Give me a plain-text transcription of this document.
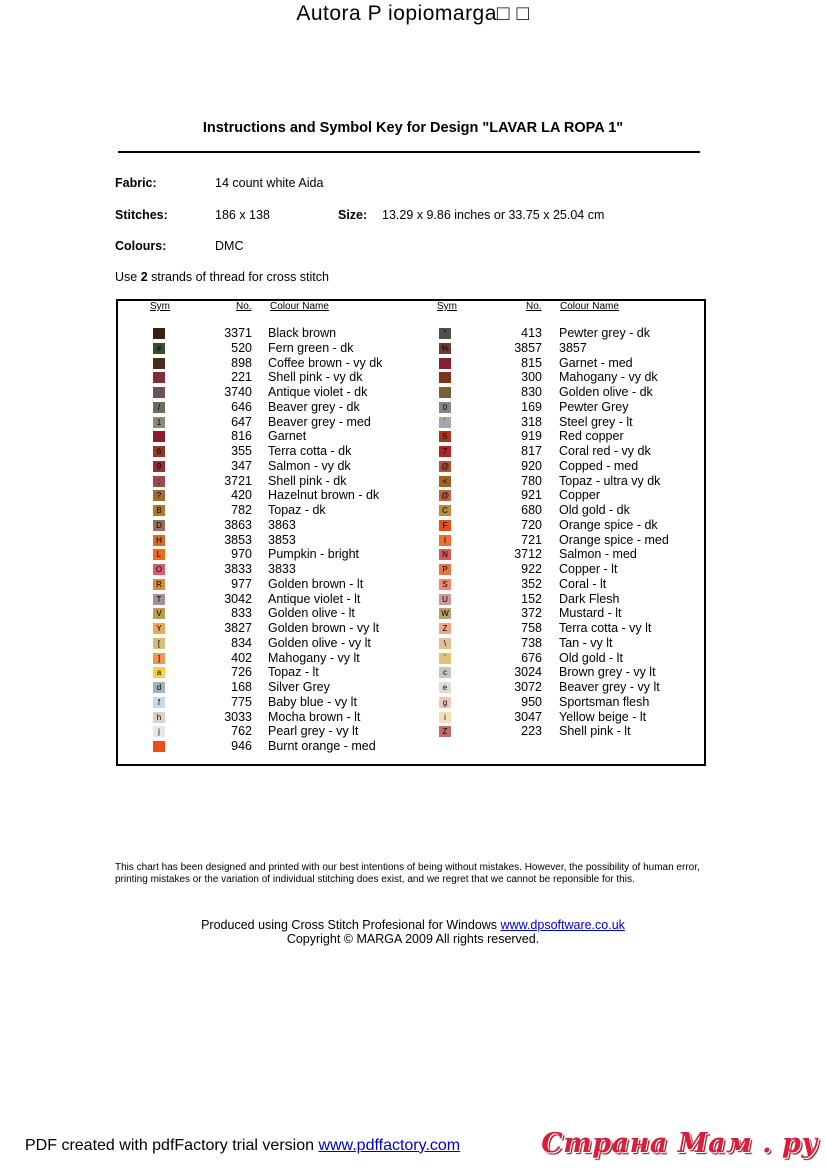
Autora P iopiomarga□ □
Instructions and Symbol Key for Design "LAVAR LA ROPA 1"
Fabric:	14 count white Aida
Stitches:	186 x 138	Size: 13.29 x 9.86 inches or 33.75 x 25.04 cm
Colours:	DMC
Use 2 strands of thread for cross stitch
Sym	No. Colour Name	Sym	No. Colour Name
3371 Black brown
#	520 Fern green - dk
898 Coffee brown - vy dk
221 Shell pink - vy dk
3740 Antique violet - dk
/	646 Beaver grey - dk
1	647 Beaver grey - med
816 Garnet
6	355 Terra cotta - dk
9	347 Salmon - vy dk
;	3721 Shell pink - dk
?	420 Hazelnut brown - dk
B	782 Topaz - dk
D	3863 3863
H	3853 3853
L	970 Pumpkin - bright
O	3833 3833
R	977 Golden brown - lt
T	3042 Antique violet - lt
V	833 Golden olive - lt
Y	3827 Golden brown - vy lt
[	834 Golden olive - vy lt
]	402 Mahogany - vy lt
a	726 Topaz - lt
d	168 Silver Grey
f	775 Baby blue - vy lt
h	3033 Mocha brown - lt
j	762 Pearl grey - vy lt
946 Burnt orange - med
"	413 Pewter grey - dk
%	3857 3857
815 Garnet - med
300 Mahogany - vy dk
830 Golden olive - dk
0	169 Pewter Grey
´	318 Steel grey - lt
5	919 Red copper
7	817 Coral red - vy dk
@	920 Copped - med
<	780 Topaz - ultra vy dk
@	921 Copper
C	680 Old gold - dk
F	720 Orange spice - dk
I	721 Orange spice - med
N	3712 Salmon - med
P	922 Copper - lt
S	352 Coral - lt
U	152 Dark Flesh
W	372 Mustard - lt
Z	758 Terra cotta - vy lt
\	738 Tan - vy lt
`	676 Old gold - lt
c	3024 Brown grey - vy lt
e	3072 Beaver grey - vy lt
g	950 Sportsman flesh
i	3047 Yellow beige - lt
Z	223 Shell pink - lt
This chart has been designed and printed with our best intentions of being without mistakes. However, the possibility of human error, printing mistakes or the variation of individual stitching does exist, and we regret that we cannot be reponsible for this.
Produced using Cross Stitch Profesional for Windows www.dpsoftware.co.uk
Copyright © MARGA 2009 All rights reserved.
PDF created with pdfFactory trial version www.pdffactory.com	Страна Мам . ру
